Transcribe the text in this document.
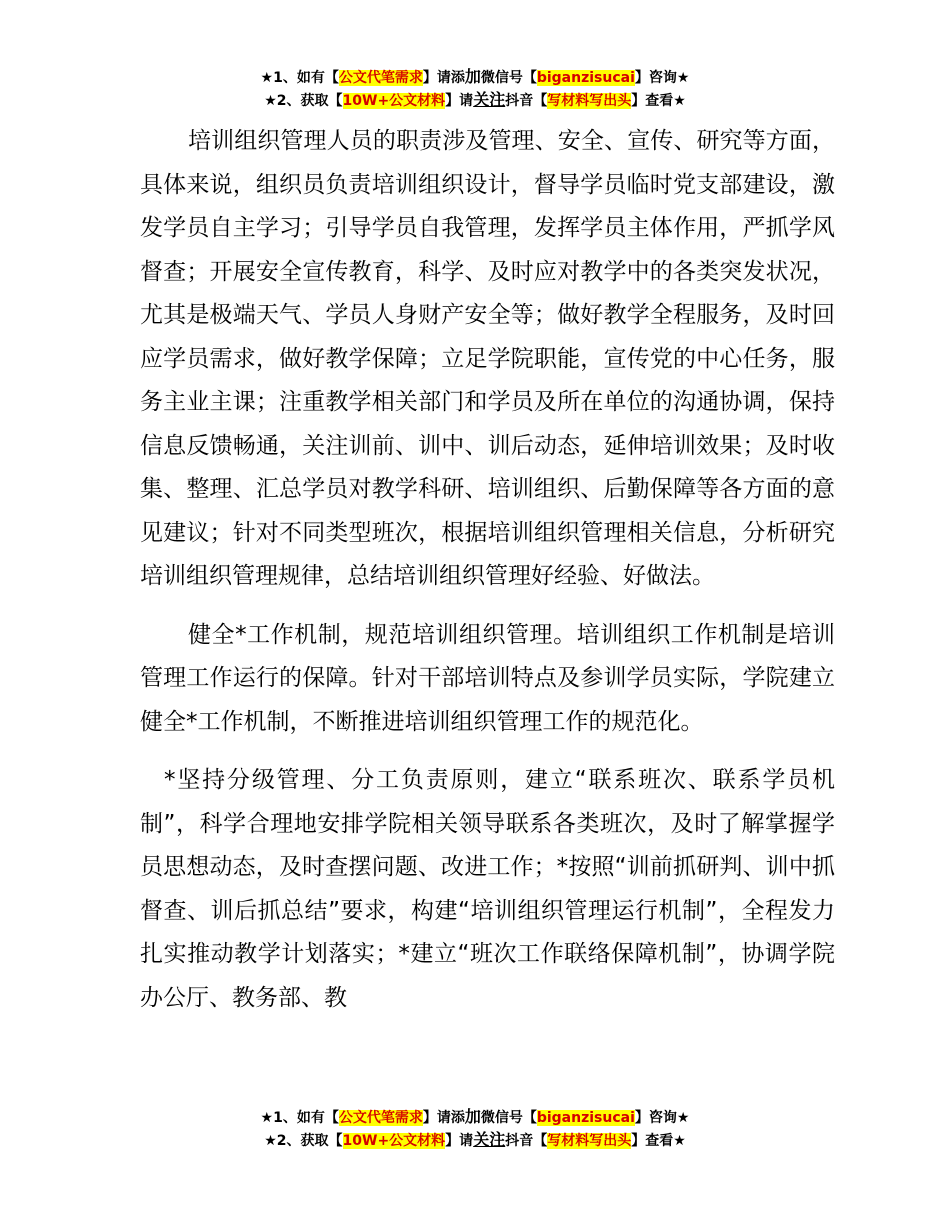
★1、如有【公文代笔需求】请添加微信号【biganzisucai】咨询★
★2、获取【10W+公文材料】请关注抖音【写材料写出头】查看★

培训组织管理人员的职责涉及管理、安全、宣传、研究等方面，具体来说，组织员负责培训组织设计，督导学员临时党支部建设，激发学员自主学习；引导学员自我管理，发挥学员主体作用，严抓学风督查；开展安全宣传教育，科学、及时应对教学中的各类突发状况，尤其是极端天气、学员人身财产安全等；做好教学全程服务，及时回应学员需求，做好教学保障；立足学院职能，宣传党的中心任务，服务主业主课；注重教学相关部门和学员及所在单位的沟通协调，保持信息反馈畅通，关注训前、训中、训后动态，延伸培训效果；及时收集、整理、汇总学员对教学科研、培训组织、后勤保障等各方面的意见建议；针对不同类型班次，根据培训组织管理相关信息，分析研究培训组织管理规律，总结培训组织管理好经验、好做法。

健全*工作机制，规范培训组织管理。培训组织工作机制是培训管理工作运行的保障。针对干部培训特点及参训学员实际，学院建立健全*工作机制，不断推进培训组织管理工作的规范化。

*坚持分级管理、分工负责原则，建立“联系班次、联系学员机制”，科学合理地安排学院相关领导联系各类班次，及时了解掌握学员思想动态，及时查摆问题、改进工作；*按照“训前抓研判、训中抓督查、训后抓总结”要求，构建“培训组织管理运行机制”，全程发力扎实推动教学计划落实；*建立“班次工作联络保障机制”，协调学院办公厅、教务部、教

★1、如有【公文代笔需求】请添加微信号【biganzisucai】咨询★
★2、获取【10W+公文材料】请关注抖音【写材料写出头】查看★
